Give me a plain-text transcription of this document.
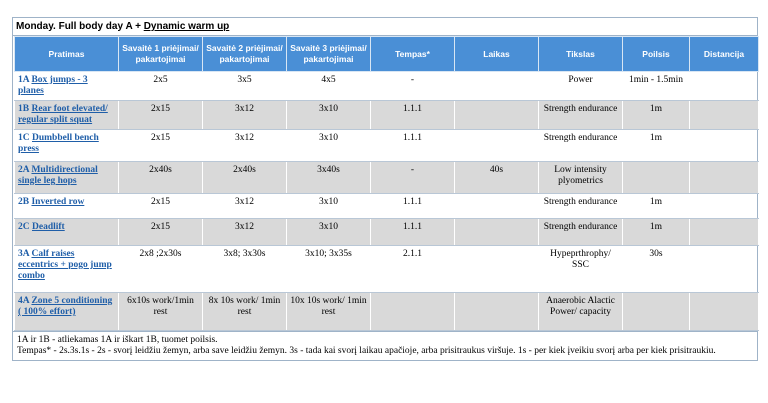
Monday. Full body day A + Dynamic warm up
Pratimas	Savaitė 1 priėjimai/ pakartojimai	Savaitė 2 priėjimai/ pakartojimai	Savaitė 3 priėjimai/ pakartojimai	Tempas*	Laikas	Tikslas	Poilsis	Distancija
1A Box jumps - 3 planes	2x5	3x5	4x5	-		Power	1min - 1.5min	
1B Rear foot elevated/ regular split squat	2x15	3x12	3x10	1.1.1		Strength endurance	1m	
1C Dumbbell bench press	2x15	3x12	3x10	1.1.1		Strength endurance	1m	
2A Multidirectional single leg hops	2x40s	2x40s	3x40s	-	40s	Low intensity plyometrics		
2B Inverted row	2x15	3x12	3x10	1.1.1		Strength endurance	1m	
2C Deadlift	2x15	3x12	3x10	1.1.1		Strength endurance	1m	
3A Calf raises eccentrics + pogo jump combo	2x8 ;2x30s	3x8; 3x30s	3x10; 3x35s	2.1.1		Hypeprthrophy/ SSC	30s	
4A Zone 5 conditioning ( 100% effort)	6x10s work/1min rest	8x 10s work/ 1min rest	10x 10s work/ 1min rest			Anaerobic Alactic Power/ capacity		
1A ir 1B - atliekamas 1A ir iškart 1B, tuomet poilsis.
Tempas* - 2s.3s.1s - 2s - svorį leidžiu žemyn, arba save leidžiu žemyn. 3s - tada kai svorį laikau apačioje, arba prisitraukus viršuje. 1s - per kiek įveikiu svorį arba per kiek prisitraukiu.
